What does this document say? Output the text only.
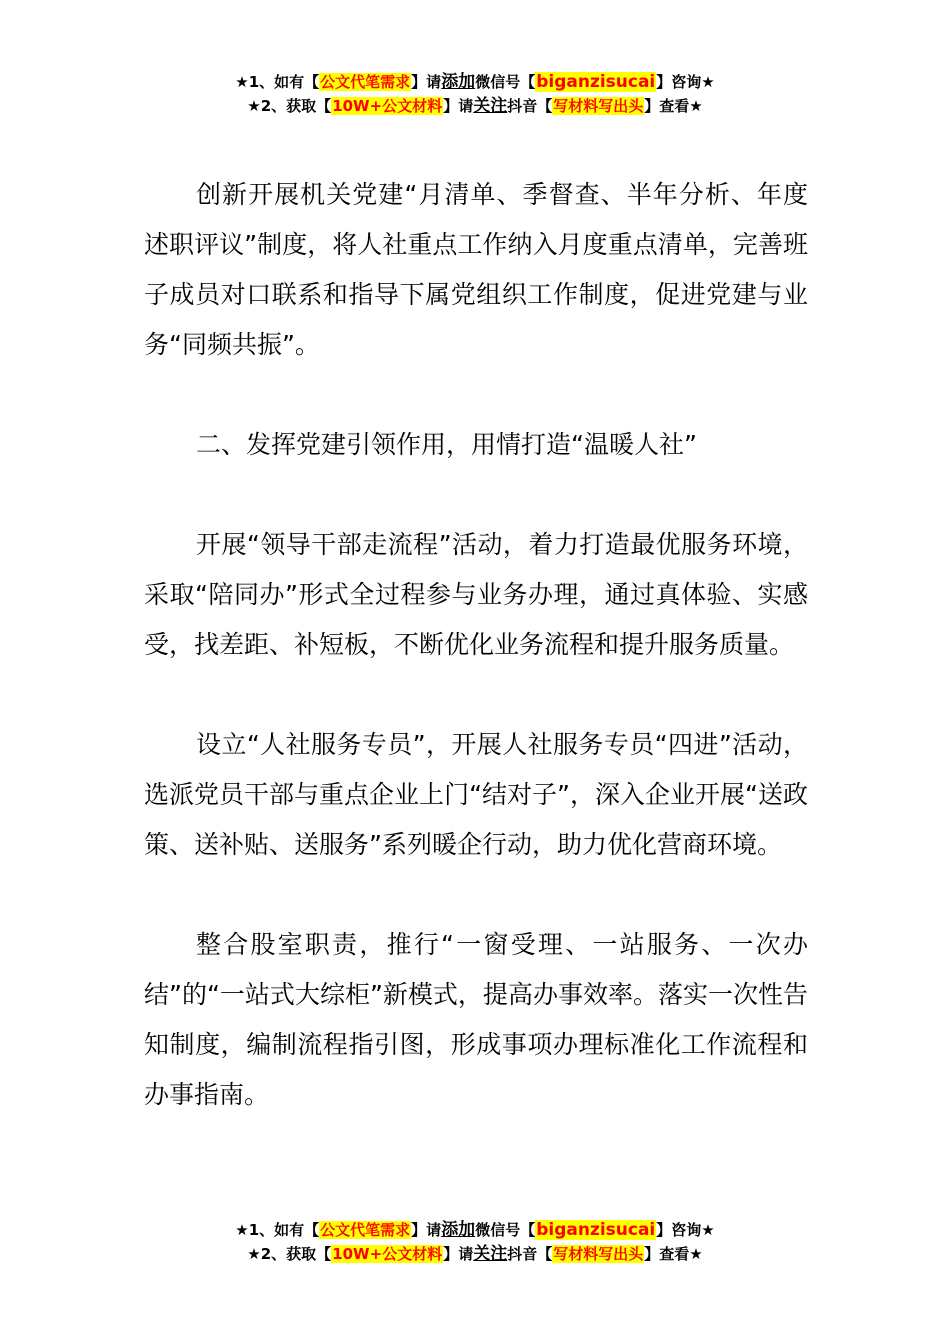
★1、如有【公文代笔需求】请添加微信号【biganzisucai】咨询★
★2、获取【10W+公文材料】请关注抖音【写材料写出头】查看★

创新开展机关党建“月清单、季督查、半年分析、年度述职评议”制度，将人社重点工作纳入月度重点清单，完善班子成员对口联系和指导下属党组织工作制度，促进党建与业务“同频共振”。

二、发挥党建引领作用，用情打造“温暖人社”

开展“领导干部走流程”活动，着力打造最优服务环境，采取“陪同办”形式全过程参与业务办理，通过真体验、实感受，找差距、补短板，不断优化业务流程和提升服务质量。

设立“人社服务专员”，开展人社服务专员“四进”活动，选派党员干部与重点企业上门“结对子”，深入企业开展“送政策、送补贴、送服务”系列暖企行动，助力优化营商环境。

整合股室职责，推行“一窗受理、一站服务、一次办结”的“一站式大综柜”新模式，提高办事效率。落实一次性告知制度，编制流程指引图，形成事项办理标准化工作流程和办事指南。

★1、如有【公文代笔需求】请添加微信号【biganzisucai】咨询★
★2、获取【10W+公文材料】请关注抖音【写材料写出头】查看★
